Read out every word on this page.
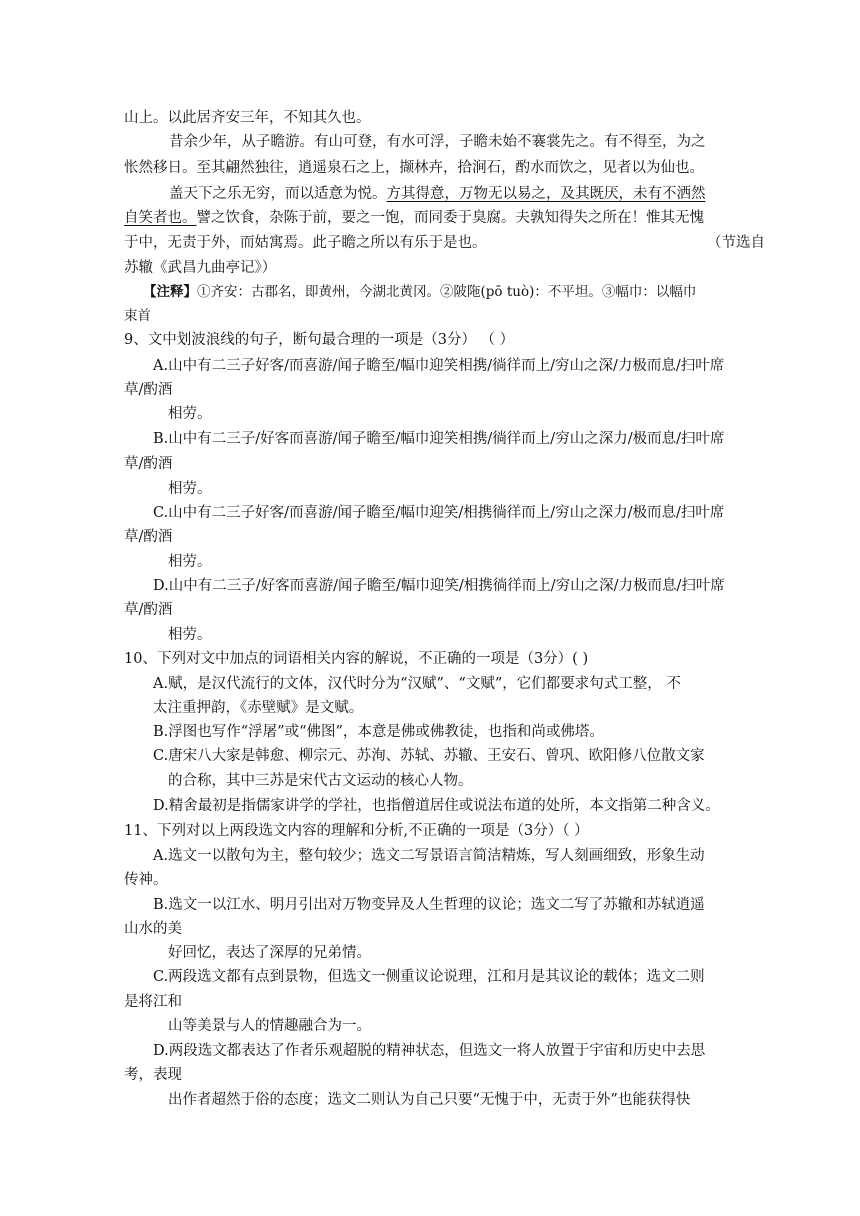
山上。以此居齐安三年，不知其久也。
昔余少年，从子瞻游。有山可登，有水可浮，子瞻未始不褰裳先之。有不得至，为之
怅然移日。至其翩然独往，逍遥泉石之上，撷林卉，拾涧石，酌水而饮之，见者以为仙也。
盖天下之乐无穷，而以适意为悦。方其得意，万物无以易之，及其既厌，未有不洒然
自笑者也。譬之饮食，杂陈于前，要之一饱，而同委于臭腐。夫孰知得失之所在！惟其无愧
于中，无责于外，而姑寓焉。此子瞻之所以有乐于是也。	（节选自
苏辙《武昌九曲亭记》）
【注释】①齐安：古郡名，即黄州，今湖北黄冈。②陂陁(pō tuò)：不平坦。③幅巾：以幅巾
束首
9、文中划波浪线的句子，断句最合理的一项是（3分） （ ）
A.山中有二三子好客/而喜游/闻子瞻至/幅巾迎笑相携/徜徉而上/穷山之深/力极而息/扫叶席
草/酌酒
相劳。
B.山中有二三子/好客而喜游/闻子瞻至/幅巾迎笑相携/徜徉而上/穷山之深力/极而息/扫叶席
草/酌酒
相劳。
C.山中有二三子好客/而喜游/闻子瞻至/幅巾迎笑/相携徜徉而上/穷山之深力/极而息/扫叶席
草/酌酒
相劳。
D.山中有二三子/好客而喜游/闻子瞻至/幅巾迎笑/相携徜徉而上/穷山之深/力极而息/扫叶席
草/酌酒
相劳。
10、下列对文中加点的词语相关内容的解说，不正确的一项是（3分）( )
A.赋，是汉代流行的文体，汉代时分为“汉赋”、“文赋”，它们都要求句式工整， 不
太注重押韵，《赤壁赋》是文赋。
B.浮图也写作“浮屠”或“佛图”，本意是佛或佛教徒，也指和尚或佛塔。
C.唐宋八大家是韩愈、柳宗元、苏洵、苏轼、苏辙、王安石、曾巩、欧阳修八位散文家
的合称，其中三苏是宋代古文运动的核心人物。
D.精舍最初是指儒家讲学的学社，也指僧道居住或说法布道的处所，本文指第二种含义。
11、下列对以上两段选文内容的理解和分析,不正确的一项是（3分）（ ）
A.选文一以散句为主，整句较少；选文二写景语言简洁精炼，写人刻画细致，形象生动
传神。
B.选文一以江水、明月引出对万物变异及人生哲理的议论；选文二写了苏辙和苏轼逍遥
山水的美
好回忆，表达了深厚的兄弟情。
C.两段选文都有点到景物，但选文一侧重议论说理，江和月是其议论的载体；选文二则
是将江和
山等美景与人的情趣融合为一。
D.两段选文都表达了作者乐观超脱的精神状态，但选文一将人放置于宇宙和历史中去思
考，表现
出作者超然于俗的态度；选文二则认为自己只要“无愧于中，无责于外”也能获得快
